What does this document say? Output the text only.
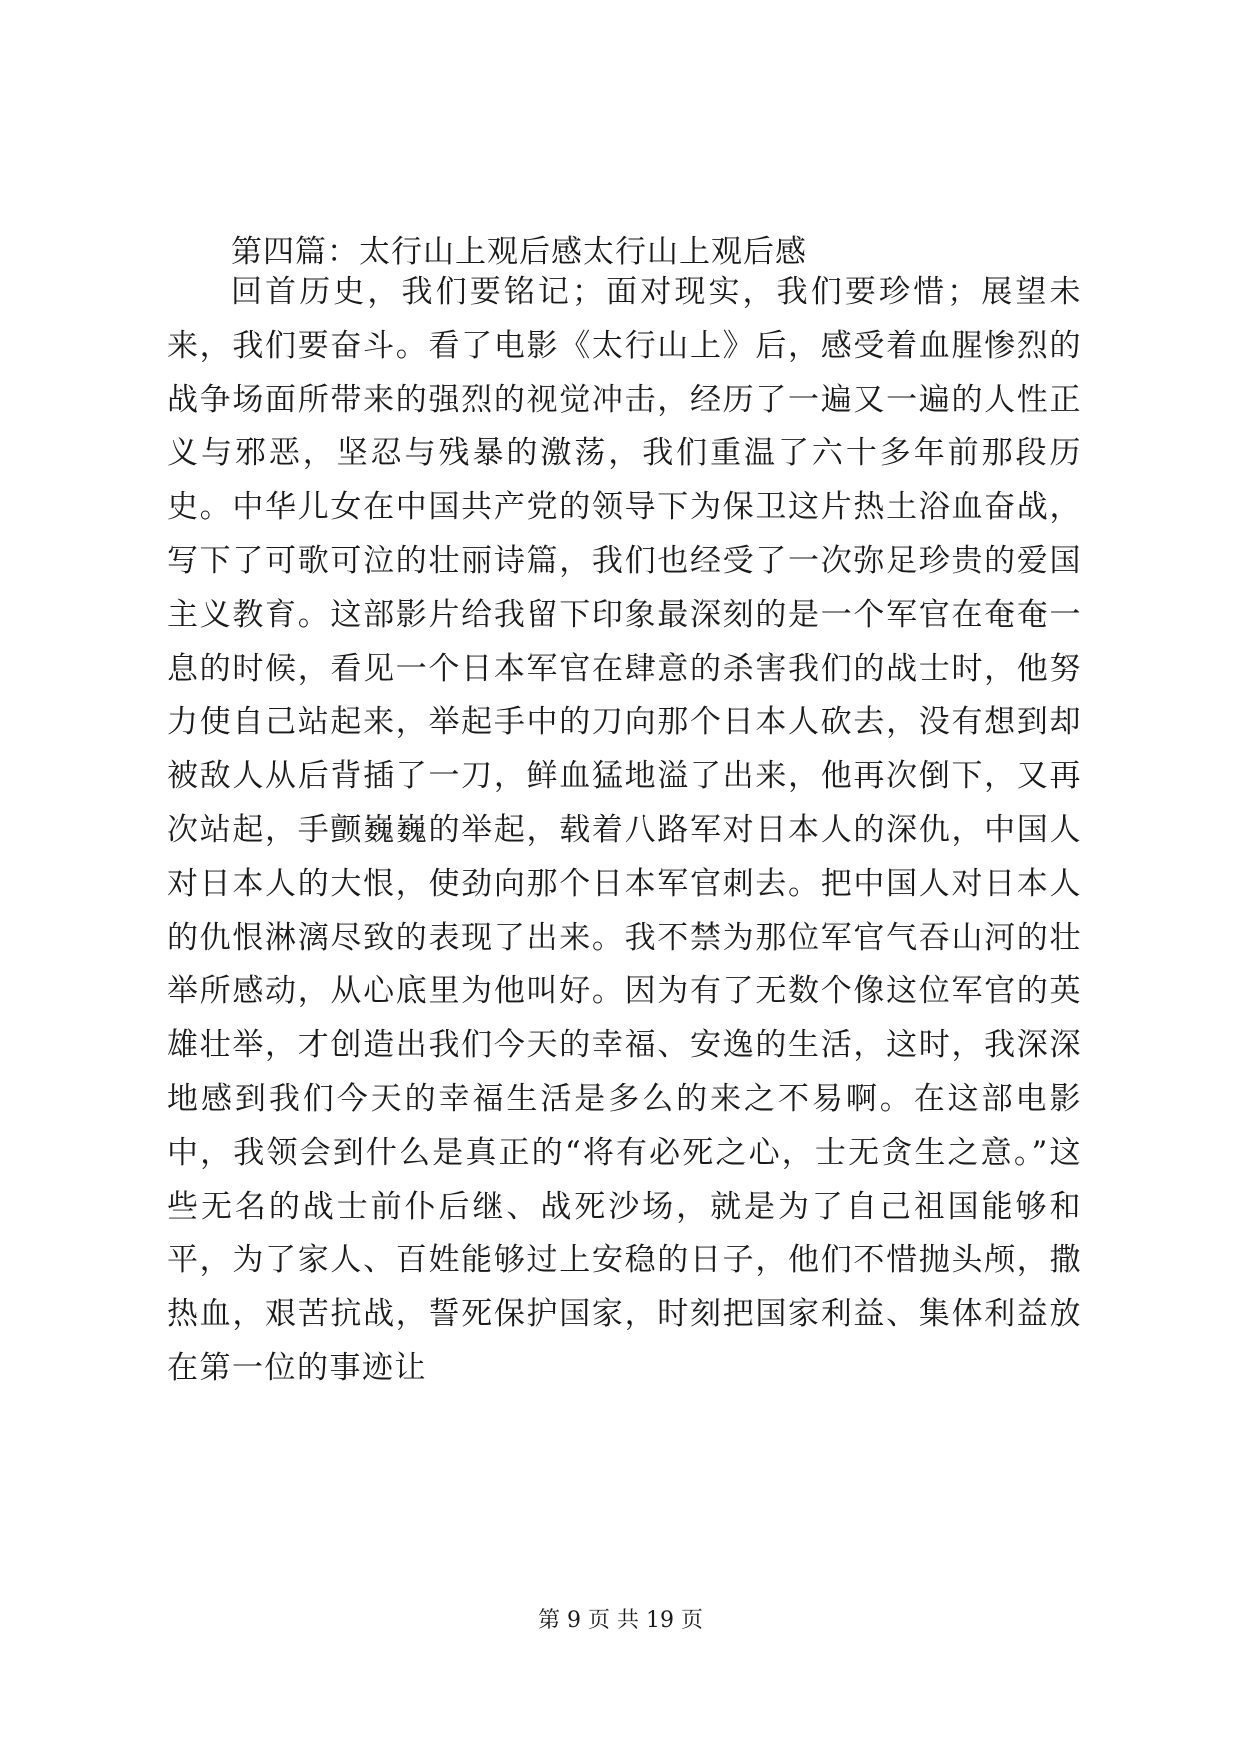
第四篇：太行山上观后感太行山上观后感

回首历史，我们要铭记；面对现实，我们要珍惜；展望未来，我们要奋斗。看了电影《太行山上》后，感受着血腥惨烈的战争场面所带来的强烈的视觉冲击，经历了一遍又一遍的人性正义与邪恶，坚忍与残暴的激荡，我们重温了六十多年前那段历史。中华儿女在中国共产党的领导下为保卫这片热土浴血奋战，写下了可歌可泣的壮丽诗篇，我们也经受了一次弥足珍贵的爱国主义教育。这部影片给我留下印象最深刻的是一个军官在奄奄一息的时候，看见一个日本军官在肆意的杀害我们的战士时，他努力使自己站起来，举起手中的刀向那个日本人砍去，没有想到却被敌人从后背插了一刀，鲜血猛地溢了出来，他再次倒下，又再次站起，手颤巍巍的举起，载着八路军对日本人的深仇，中国人对日本人的大恨，使劲向那个日本军官刺去。把中国人对日本人的仇恨淋漓尽致的表现了出来。我不禁为那位军官气吞山河的壮举所感动，从心底里为他叫好。因为有了无数个像这位军官的英雄壮举，才创造出我们今天的幸福、安逸的生活，这时，我深深地感到我们今天的幸福生活是多么的来之不易啊。在这部电影中，我领会到什么是真正的“将有必死之心，士无贪生之意。”这些无名的战士前仆后继、战死沙场，就是为了自己祖国能够和平，为了家人、百姓能够过上安稳的日子，他们不惜抛头颅，撒热血，艰苦抗战，誓死保护国家，时刻把国家利益、集体利益放在第一位的事迹让

第 9 页 共 19 页
